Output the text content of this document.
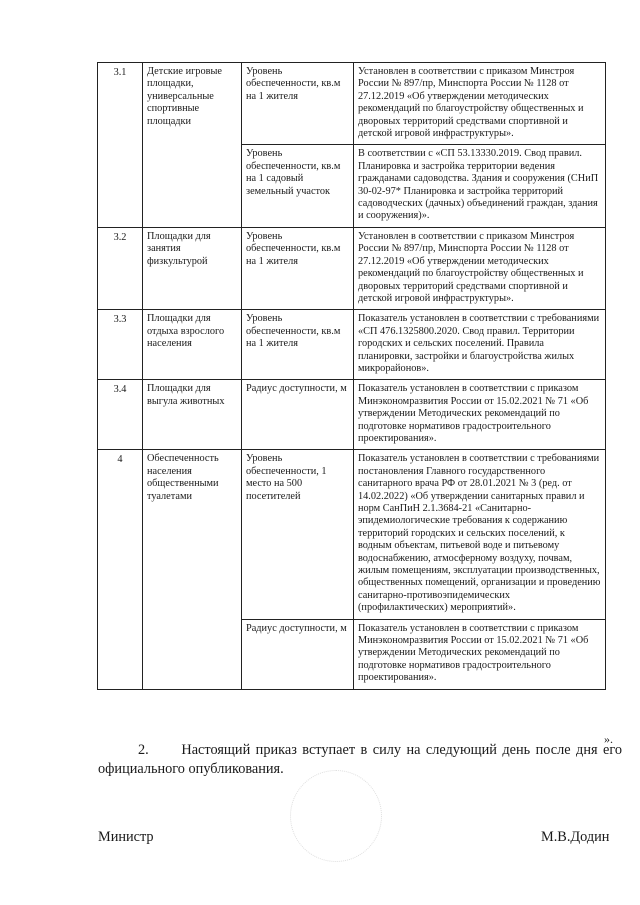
3.1	Детские игровые площадки, универсальные спортивные площадки	Уровень обеспеченности, кв.м на 1 жителя	Установлен в соответствии с приказом Минстроя России № 897/пр, Минспорта России № 1128 от 27.12.2019 «Об утверждении методических рекомендаций по благоустройству общественных и дворовых территорий средствами спортивной и детской игровой инфраструктуры».

		Уровень обеспеченности, кв.м на 1 садовый земельный участок	В соответствии с «СП 53.13330.2019. Свод правил. Планировка и застройка территории ведения гражданами садоводства. Здания и сооружения (СНиП 30-02-97* Планировка и застройка территорий садоводческих (дачных) объединений граждан, здания и сооружения)».

3.2	Площадки для занятия физкультурой	Уровень обеспеченности, кв.м на 1 жителя	Установлен в соответствии с приказом Минстроя России № 897/пр, Минспорта России № 1128 от 27.12.2019 «Об утверждении методических рекомендаций по благоустройству общественных и дворовых территорий средствами спортивной и детской игровой инфраструктуры».

3.3	Площадки для отдыха взрослого населения	Уровень обеспеченности, кв.м на 1 жителя	Показатель установлен в соответствии с требованиями «СП 476.1325800.2020. Свод правил. Территории городских и сельских поселений. Правила планировки, застройки и благоустройства жилых микрорайонов».

3.4	Площадки для выгула животных	Радиус доступности, м	Показатель установлен в соответствии с приказом Минэкономразвития России от 15.02.2021 № 71 «Об утверждении Методических рекомендаций по подготовке нормативов градостроительного проектирования».

4	Обеспеченность населения общественными туалетами	Уровень обеспеченности, 1 место на 500 посетителей	Показатель установлен в соответствии с требованиями постановления Главного государственного санитарного врача РФ от 28.01.2021 № 3 (ред. от 14.02.2022) «Об утверждении санитарных правил и норм СанПиН 2.1.3684-21 «Санитарно-эпидемиологические требования к содержанию территорий городских и сельских поселений, к водным объектам, питьевой воде и питьевому водоснабжению, атмосферному воздуху, почвам, жилым помещениям, эксплуатации производственных, общественных помещений, организации и проведению санитарно-противоэпидемических (профилактических) мероприятий».

		Радиус доступности, м	Показатель установлен в соответствии с приказом Минэкономразвития России от 15.02.2021 № 71 «Об утверждении Методических рекомендаций по подготовке нормативов градостроительного проектирования».
».
2. Настоящий приказ вступает в силу на следующий день после дня его официального опубликования.
Министр	М.В.Додин
